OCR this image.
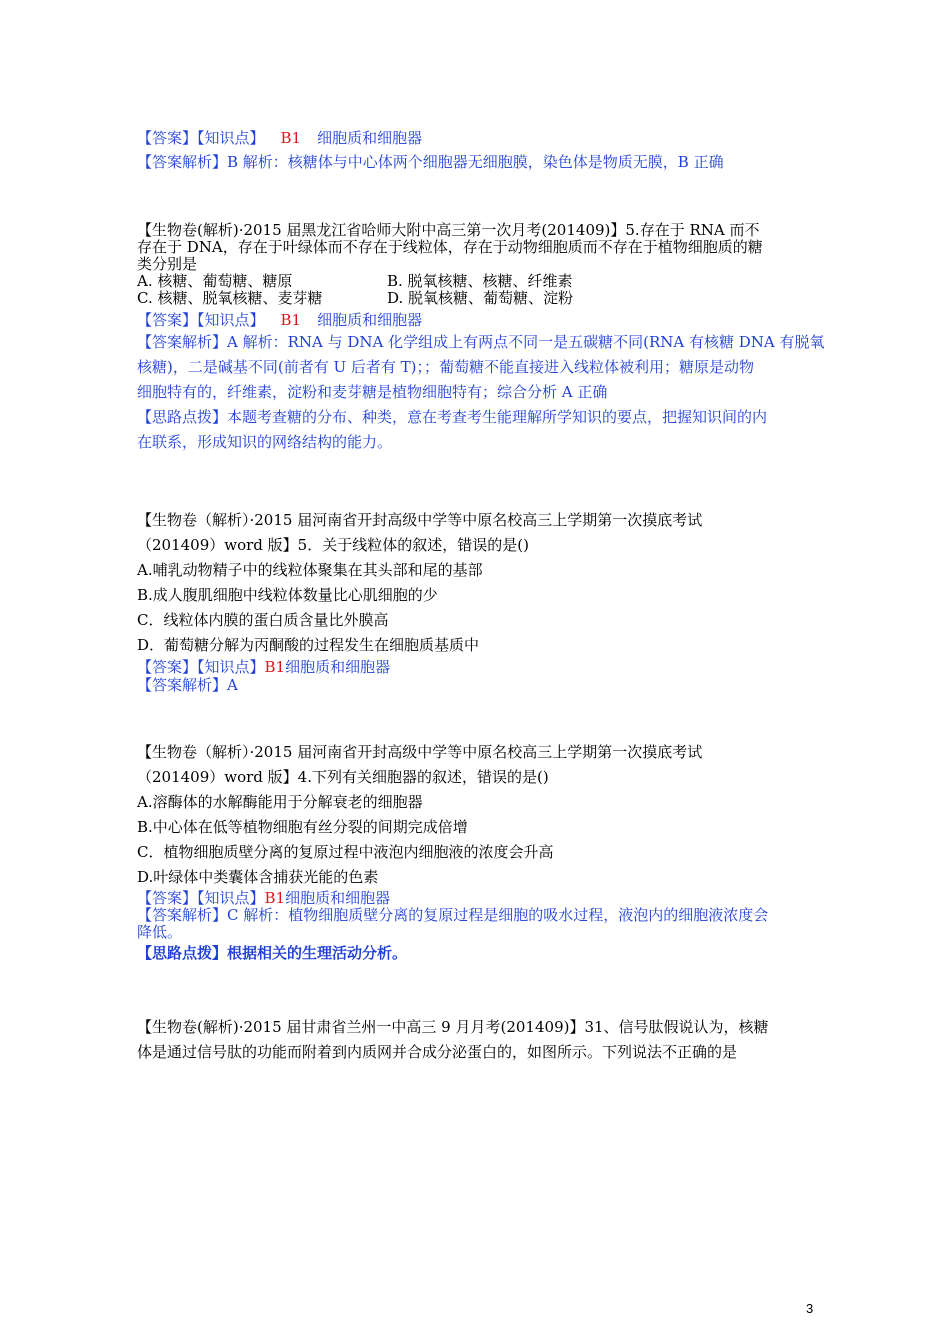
【答案】【知识点】 B1 细胞质和细胞器
【答案解析】B 解析：核糖体与中心体两个细胞器无细胞膜，染色体是物质无膜，B 正确
【生物卷(解析)·2015 届黑龙江省哈师大附中高三第一次月考(201409)】5.存在于 RNA 而不
存在于 DNA，存在于叶绿体而不存在于线粒体，存在于动物细胞质而不存在于植物细胞质的糖
类分别是
A. 核糖、葡萄糖、糖原	B. 脱氧核糖、核糖、纤维素
C. 核糖、脱氧核糖、麦芽糖	D. 脱氧核糖、葡萄糖、淀粉
【答案】【知识点】 B1 细胞质和细胞器
【答案解析】A 解析：RNA 与 DNA 化学组成上有两点不同一是五碳糖不同(RNA 有核糖 DNA 有脱氧
核糖)，二是碱基不同(前者有 U 后者有 T)；；葡萄糖不能直接进入线粒体被利用；糖原是动物
细胞特有的，纤维素，淀粉和麦芽糖是植物细胞特有；综合分析 A 正确
【思路点拨】本题考查糖的分布、种类，意在考查考生能理解所学知识的要点，把握知识间的内
在联系，形成知识的网络结构的能力。
【生物卷（解析）·2015 届河南省开封高级中学等中原名校高三上学期第一次摸底考试
（201409）word 版】5．关于线粒体的叙述，错误的是()
A.哺乳动物精子中的线粒体聚集在其头部和尾的基部
B.成人腹肌细胞中线粒体数量比心肌细胞的少
C．线粒体内膜的蛋白质含量比外膜高
D．葡萄糖分解为丙酮酸的过程发生在细胞质基质中
【答案】【知识点】B1细胞质和细胞器
【答案解析】A
【生物卷（解析）·2015 届河南省开封高级中学等中原名校高三上学期第一次摸底考试
（201409）word 版】4.下列有关细胞器的叙述，错误的是()
A.溶酶体的水解酶能用于分解衰老的细胞器
B.中心体在低等植物细胞有丝分裂的间期完成倍增
C．植物细胞质壁分离的复原过程中液泡内细胞液的浓度会升高
D.叶绿体中类囊体含捕获光能的色素
【答案】【知识点】B1细胞质和细胞器
【答案解析】C 解析：植物细胞质壁分离的复原过程是细胞的吸水过程，液泡内的细胞液浓度会
降低。
【思路点拨】根据相关的生理活动分析。
【生物卷(解析)·2015 届甘肃省兰州一中高三 9 月月考(201409)】31、信号肽假说认为，核糖
体是通过信号肽的功能而附着到内质网并合成分泌蛋白的，如图所示。下列说法不正确的是
3
